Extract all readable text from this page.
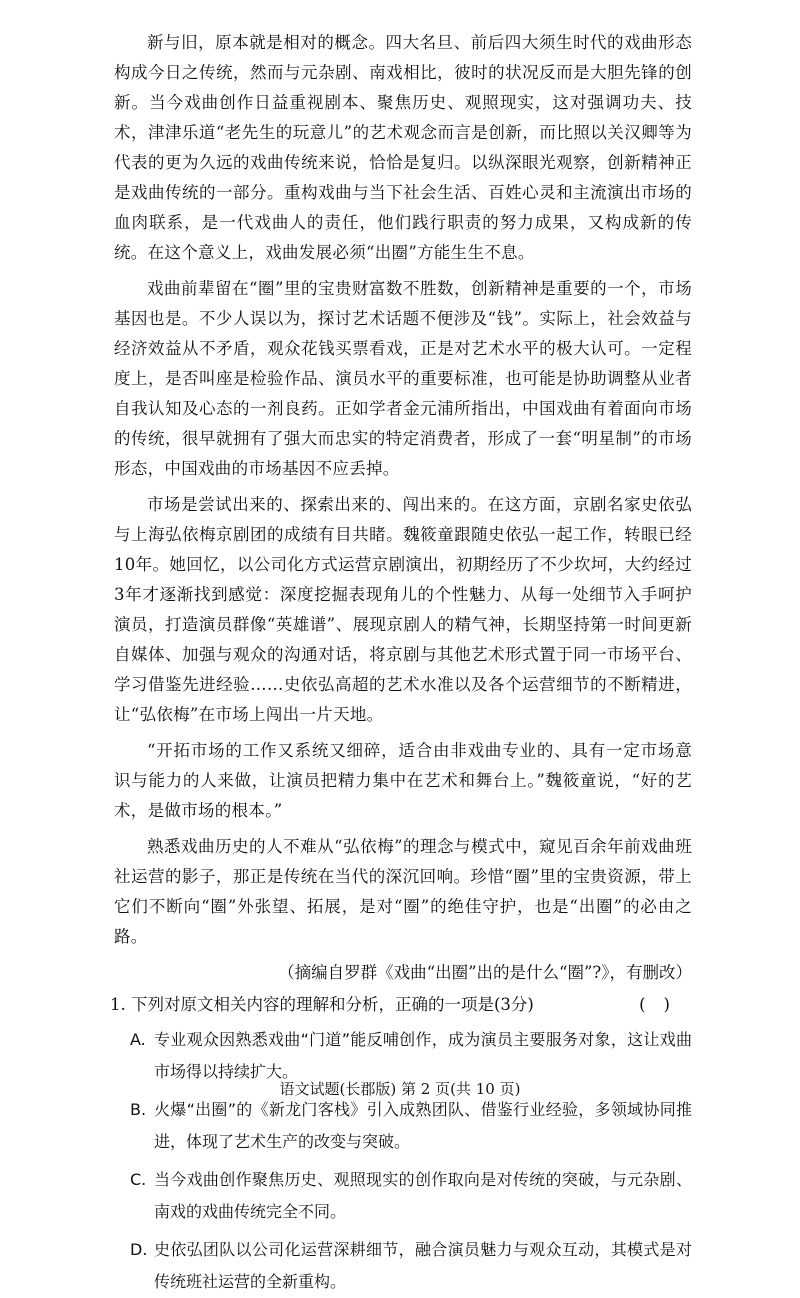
新与旧，原本就是相对的概念。四大名旦、前后四大须生时代的戏曲形态构成今日之传统，然而与元杂剧、南戏相比，彼时的状况反而是大胆先锋的创新。当今戏曲创作日益重视剧本、聚焦历史、观照现实，这对强调功夫、技术，津津乐道“老先生的玩意儿”的艺术观念而言是创新，而比照以关汉卿等为代表的更为久远的戏曲传统来说，恰恰是复归。以纵深眼光观察，创新精神正是戏曲传统的一部分。重构戏曲与当下社会生活、百姓心灵和主流演出市场的血肉联系，是一代戏曲人的责任，他们践行职责的努力成果，又构成新的传统。在这个意义上，戏曲发展必须“出圈”方能生生不息。

戏曲前辈留在“圈”里的宝贵财富数不胜数，创新精神是重要的一个，市场基因也是。不少人误以为，探讨艺术话题不便涉及“钱”。实际上，社会效益与经济效益从不矛盾，观众花钱买票看戏，正是对艺术水平的极大认可。一定程度上，是否叫座是检验作品、演员水平的重要标准，也可能是协助调整从业者自我认知及心态的一剂良药。正如学者金元浦所指出，中国戏曲有着面向市场的传统，很早就拥有了强大而忠实的特定消费者，形成了一套“明星制”的市场形态，中国戏曲的市场基因不应丢掉。

市场是尝试出来的、探索出来的、闯出来的。在这方面，京剧名家史依弘与上海弘依梅京剧团的成绩有目共睹。魏筱童跟随史依弘一起工作，转眼已经10年。她回忆，以公司化方式运营京剧演出，初期经历了不少坎坷，大约经过3年才逐渐找到感觉：深度挖掘表现角儿的个性魅力、从每一处细节入手呵护演员，打造演员群像“英雄谱”、展现京剧人的精气神，长期坚持第一时间更新自媒体、加强与观众的沟通对话，将京剧与其他艺术形式置于同一市场平台、学习借鉴先进经验……史依弘高超的艺术水准以及各个运营细节的不断精进，让“弘依梅”在市场上闯出一片天地。

“开拓市场的工作又系统又细碎，适合由非戏曲专业的、具有一定市场意识与能力的人来做，让演员把精力集中在艺术和舞台上。”魏筱童说，“好的艺术，是做市场的根本。”

熟悉戏曲历史的人不难从“弘依梅”的理念与模式中，窥见百余年前戏曲班社运营的影子，那正是传统在当代的深沉回响。珍惜“圈”里的宝贵资源，带上它们不断向“圈”外张望、拓展，是对“圈”的绝佳守护，也是“出圈”的必由之路。

（摘编自罗群《戏曲“出圈”出的是什么“圈”?》，有删改）

1. 下列对原文相关内容的理解和分析，正确的一项是(3分)	()
A. 专业观众因熟悉戏曲“门道”能反哺创作，成为演员主要服务对象，这让戏曲市场得以持续扩大。
B. 火爆“出圈”的《新龙门客栈》引入成熟团队、借鉴行业经验，多领域协同推进，体现了艺术生产的改变与突破。
C. 当今戏曲创作聚焦历史、观照现实的创作取向是对传统的突破，与元杂剧、南戏的戏曲传统完全不同。
D. 史依弘团队以公司化运营深耕细节，融合演员魅力与观众互动，其模式是对传统班社运营的全新重构。
语文试题(长郡版) 第 2 页(共 10 页)
